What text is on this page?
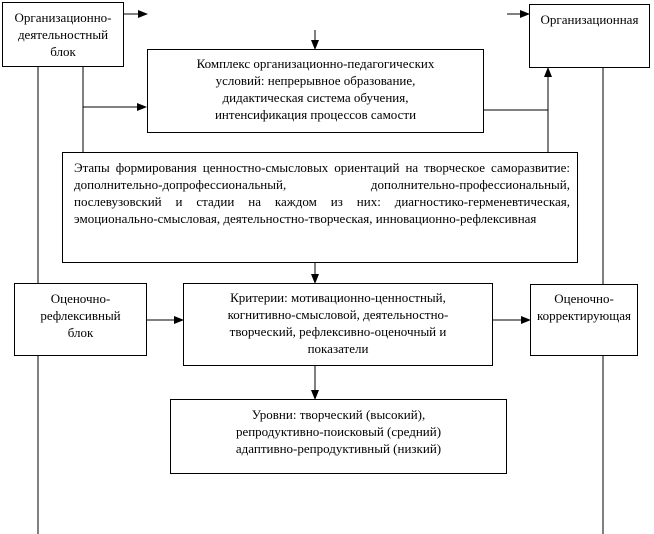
Организационно-
деятельностный
блок
Организационная
Комплекс организационно-педагогических
условий: непрерывное образование,
дидактическая система обучения,
интенсификация процессов самости
Этапы формирования ценностно-смысловых ориентаций на творческое саморазвитие: дополнительно-допрофессиональный, дополнительно-профессиональный, послевузовский и стадии на каждом из них: диагностико-герменевтическая, эмоционально-смысловая, деятельностно-творческая, инновационно-рефлексивная
Оценочно-
рефлексивный
блок
Критерии: мотивационно-ценностный,
когнитивно-смысловой, деятельностно-
творческий, рефлексивно-оценочный и
показатели
Оценочно-
корректирующая
Уровни: творческий (высокий),
репродуктивно-поисковый (средний)
адаптивно-репродуктивный (низкий)
